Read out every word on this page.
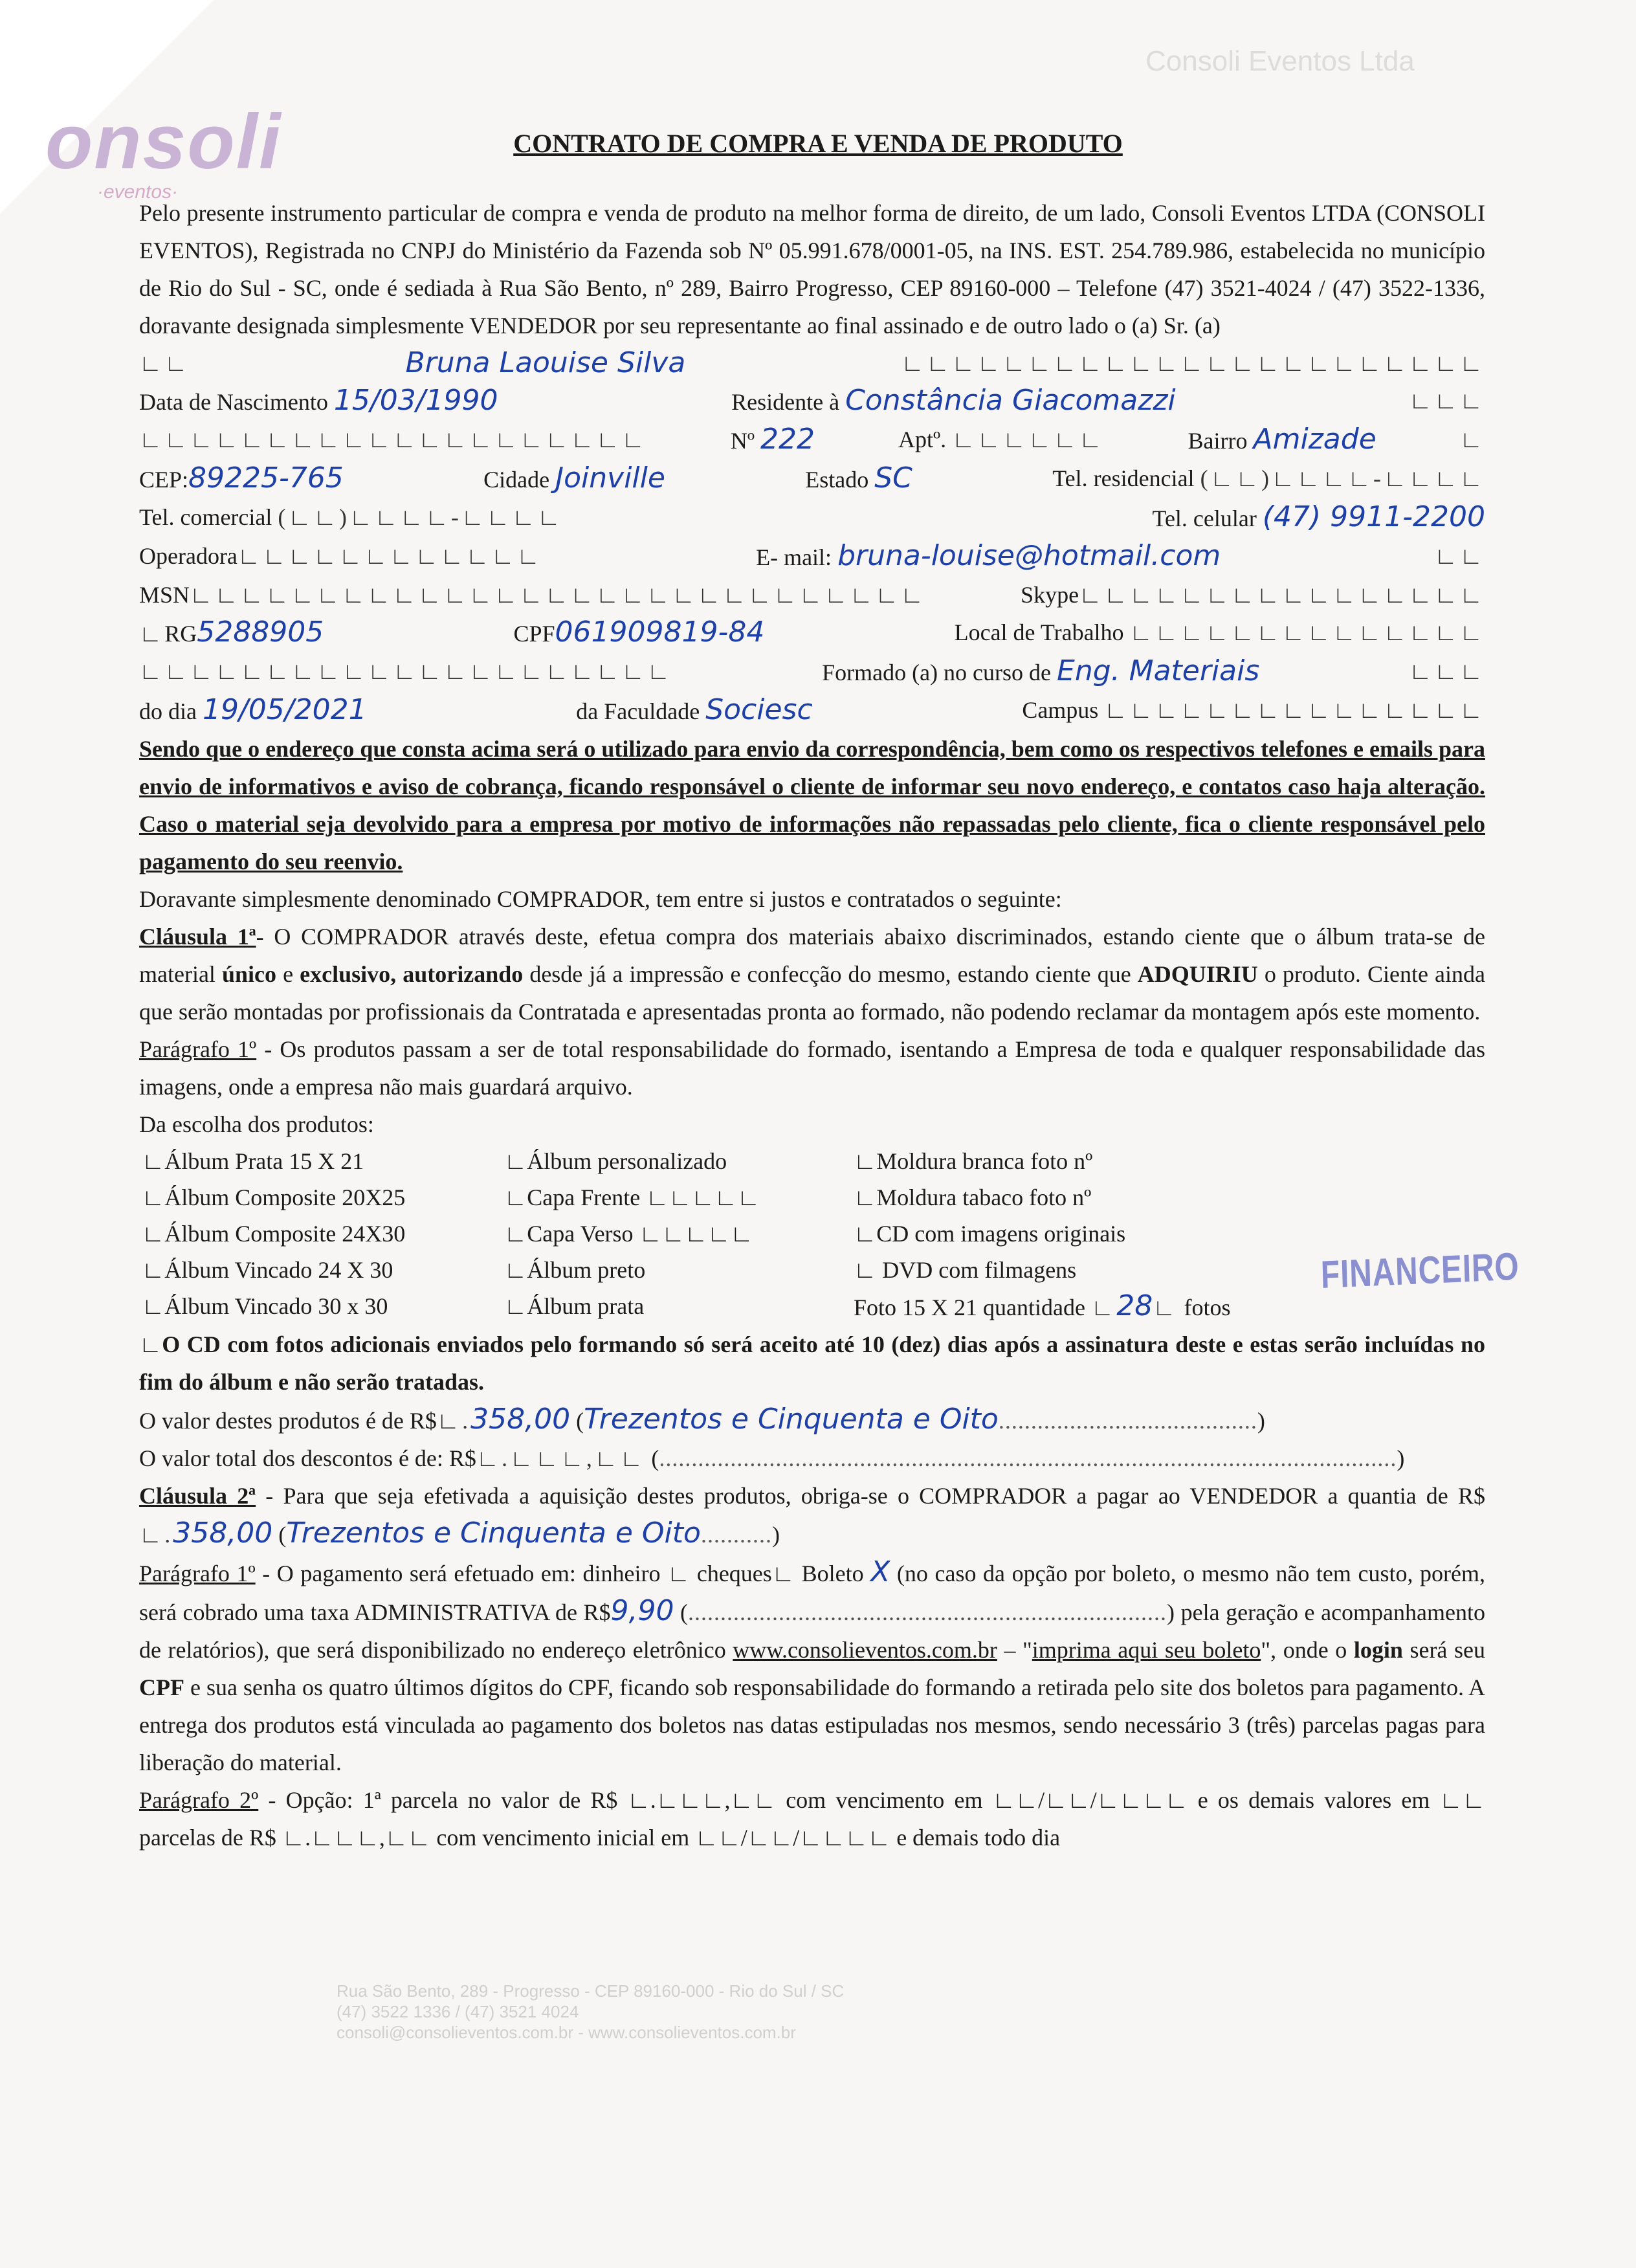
onsoli
·eventos·
Consoli Eventos Ltda
CONTRATO DE COMPRA E VENDA DE PRODUTO

Pelo presente instrumento particular de compra e venda de produto na melhor forma de direito, de um lado, Consoli Eventos LTDA (CONSOLI EVENTOS), Registrada no CNPJ do Ministério da Fazenda sob Nº 05.991.678/0001-05, na INS. EST. 254.789.986, estabelecida no município de Rio do Sul - SC, onde é sediada à Rua São Bento, nº 289, Bairro Progresso, CEP 89160-000 – Telefone (47) 3521-4024 / (47) 3522-1336, doravante designada simplesmente VENDEDOR por seu representante ao final assinado e de outro lado o (a) Sr. (a)

∟∟	Bruna Laouise Silva	∟∟∟∟∟∟∟∟∟∟∟∟∟∟∟∟∟∟∟∟∟∟∟
Data de Nascimento 15/03/1990	Residente à Constância Giacomazzi	∟∟∟
∟∟∟∟∟∟∟∟∟∟∟∟∟∟∟∟∟∟∟∟	Nº 222	Aptº. ∟∟∟∟∟∟	Bairro Amizade	∟
CEP:89225-765	Cidade Joinville	Estado SC	Tel. residencial (∟∟)∟∟∟∟-∟∟∟∟
Tel. comercial (∟∟)∟∟∟∟-∟∟∟∟	Tel. celular (47) 9911-2200
Operadora∟∟∟∟∟∟∟∟∟∟∟∟	E- mail: bruna-louise@hotmail.com	∟∟
MSN∟∟∟∟∟∟∟∟∟∟∟∟∟∟∟∟∟∟∟∟∟∟∟∟∟∟∟∟∟	Skype∟∟∟∟∟∟∟∟∟∟∟∟∟∟∟∟
∟RG5288905	CPF061909819-84	Local de Trabalho ∟∟∟∟∟∟∟∟∟∟∟∟∟∟
∟∟∟∟∟∟∟∟∟∟∟∟∟∟∟∟∟∟∟∟∟	Formado (a) no curso de Eng. Materiais	∟∟∟
do dia 19/05/2021	da Faculdade Sociesc	Campus ∟∟∟∟∟∟∟∟∟∟∟∟∟∟∟

Sendo que o endereço que consta acima será o utilizado para envio da correspondência, bem como os respectivos telefones e emails para envio de informativos e aviso de cobrança, ficando responsável o cliente de informar seu novo endereço, e contatos caso haja alteração. Caso o material seja devolvido para a empresa por motivo de informações não repassadas pelo cliente, fica o cliente responsável pelo pagamento do seu reenvio.

Doravante simplesmente denominado COMPRADOR, tem entre si justos e contratados o seguinte:

Cláusula 1ª- O COMPRADOR através deste, efetua compra dos materiais abaixo discriminados, estando ciente que o álbum trata-se de material único e exclusivo, autorizando desde já a impressão e confecção do mesmo, estando ciente que ADQUIRIU o produto. Ciente ainda que serão montadas por profissionais da Contratada e apresentadas pronta ao formado, não podendo reclamar da montagem após este momento.

Parágrafo 1º - Os produtos passam a ser de total responsabilidade do formado, isentando a Empresa de toda e qualquer responsabilidade das imagens, onde a empresa não mais guardará arquivo.

Da escolha dos produtos:

∟Álbum Prata 15 X 21	∟Álbum personalizado	∟Moldura branca foto nº
∟Álbum Composite 20X25	∟Capa Frente ∟∟∟∟∟	∟Moldura tabaco foto nº
∟Álbum Composite 24X30	∟Capa Verso ∟∟∟∟∟	∟CD com imagens originais
∟Álbum Vincado 24 X 30	∟Álbum preto	∟ DVD com filmagens
∟Álbum Vincado 30 x 30	∟Álbum prata	Foto 15 X 21 quantidade ∟28∟ fotos

∟O CD com fotos adicionais enviados pelo formando só será aceito até 10 (dez) dias após a assinatura deste e estas serão incluídas no fim do álbum e não serão tratadas.

O valor destes produtos é de R$∟.358,00 (Trezentos e Cinquenta e Oito........................................)

O valor total dos descontos é de: R$∟.∟∟∟,∟∟ (..................................................................................................................)

Cláusula 2ª - Para que seja efetivada a aquisição destes produtos, obriga-se o COMPRADOR a pagar ao VENDEDOR a quantia de R$ ∟.358,00 (Trezentos e Cinquenta e Oito...........)

Parágrafo 1º - O pagamento será efetuado em: dinheiro ∟ cheques∟ Boleto X (no caso da opção por boleto, o mesmo não tem custo, porém, será cobrado uma taxa ADMINISTRATIVA de R$9,90 (..........................................................................) pela geração e acompanhamento de relatórios), que será disponibilizado no endereço eletrônico www.consolieventos.com.br – "imprima aqui seu boleto", onde o login será seu CPF e sua senha os quatro últimos dígitos do CPF, ficando sob responsabilidade do formando a retirada pelo site dos boletos para pagamento. A entrega dos produtos está vinculada ao pagamento dos boletos nas datas estipuladas nos mesmos, sendo necessário 3 (três) parcelas pagas para liberação do material.

Parágrafo 2º - Opção: 1ª parcela no valor de R$ ∟.∟∟∟,∟∟ com vencimento em ∟∟/∟∟/∟∟∟∟ e os demais valores em ∟∟ parcelas de R$ ∟.∟∟∟,∟∟ com vencimento inicial em ∟∟/∟∟/∟∟∟∟ e demais todo dia

FINANCEIRO
Rua São Bento, 289 - Progresso - CEP 89160-000 - Rio do Sul / SC
(47) 3522 1336 / (47) 3521 4024
consoli@consolieventos.com.br - www.consolieventos.com.br
